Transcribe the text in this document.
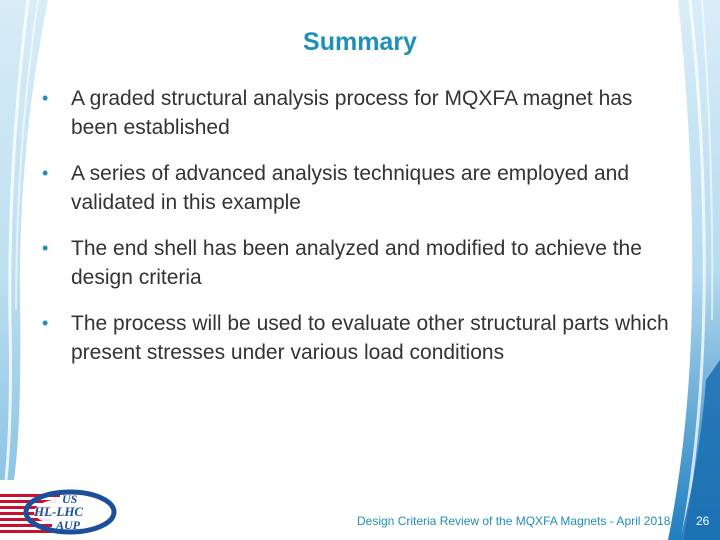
Summary
• A graded structural analysis process for MQXFA magnet has been established
• A series of advanced analysis techniques are employed and validated in this example
• The end shell has been analyzed and modified to achieve the design criteria
• The process will be used to evaluate other structural parts which present stresses under various load conditions
US
HL-LHC
AUP	Design Criteria Review of the MQXFA Magnets - April 2018 26
